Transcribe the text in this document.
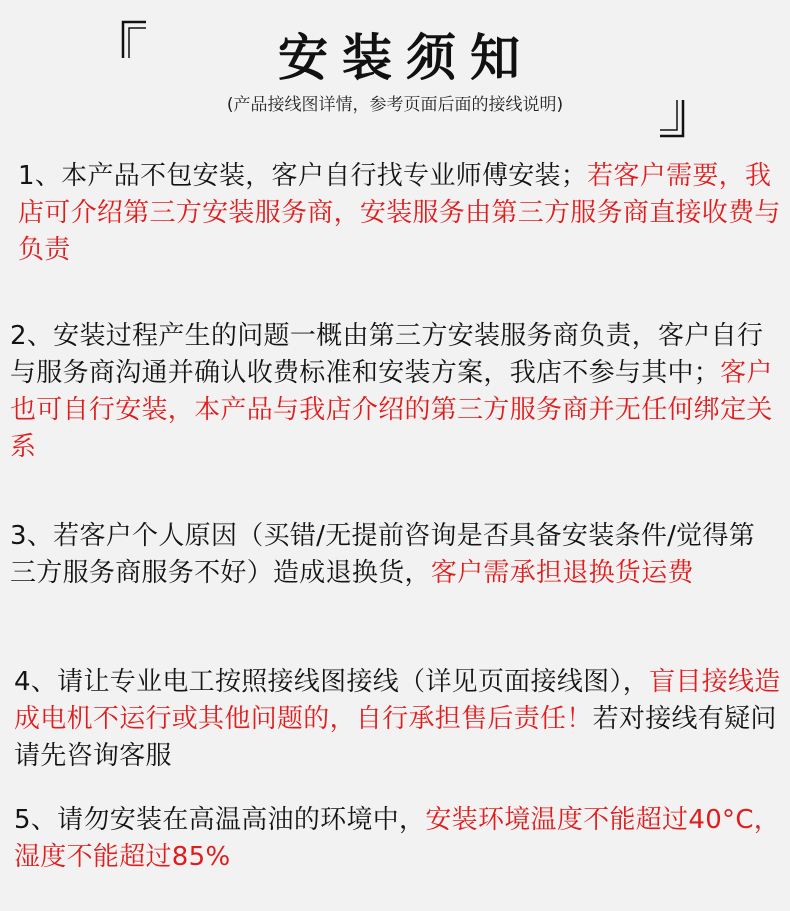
安装须知
(产品接线图详情，参考页面后面的接线说明)
1、本产品不包安装，客户自行找专业师傅安装；若客户需要，我店可介绍第三方安装服务商，安装服务由第三方服务商直接收费与负责
2、安装过程产生的问题一概由第三方安装服务商负责，客户自行与服务商沟通并确认收费标准和安装方案，我店不参与其中；客户也可自行安装，本产品与我店介绍的第三方服务商并无任何绑定关系
3、若客户个人原因（买错/无提前咨询是否具备安装条件/觉得第三方服务商服务不好）造成退换货，客户需承担退换货运费
4、请让专业电工按照接线图接线（详见页面接线图），盲目接线造成电机不运行或其他问题的，自行承担售后责任！若对接线有疑问请先咨询客服
5、请勿安装在高温高油的环境中，安装环境温度不能超过40°C，湿度不能超过85%
